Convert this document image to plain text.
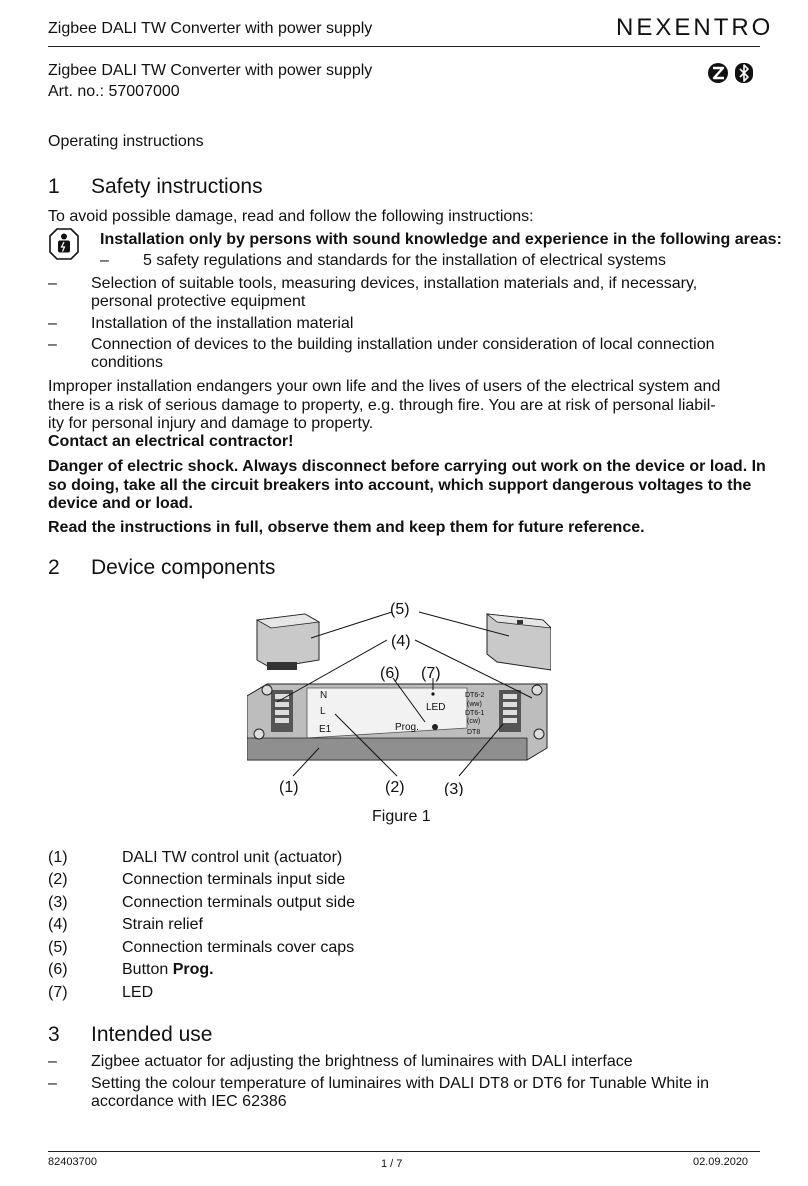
Zigbee DALI TW Converter with power supply	NEXENTRO
Zigbee DALI TW Converter with power supply
Art. no.: 57007000
Operating instructions
1 Safety instructions
To avoid possible damage, read and follow the following instructions:
Installation only by persons with sound knowledge and experience in the following areas:
– 5 safety regulations and standards for the installation of electrical systems
– Selection of suitable tools, measuring devices, installation materials and, if necessary,
personal protective equipment
– Installation of the installation material
– Connection of devices to the building installation under consideration of local connection
conditions
Improper installation endangers your own life and the lives of users of the electrical system and
there is a risk of serious damage to property, e.g. through fire. You are at risk of personal liabil-
ity for personal injury and damage to property.
Contact an electrical contractor!
Danger of electric shock. Always disconnect before carrying out work on the device or load. In
so doing, take all the circuit breakers into account, which support dangerous voltages to the
device and or load.
Read the instructions in full, observe them and keep them for future reference.
2 Device components
N
L
E1
LED
Prog.
DT6-2
(ww)
DT6-1
(cw)
DT8
(5)
(4)
(6) (7)
(1)	(2) (3)
Figure 1
(1)	DALI TW control unit (actuator)
(2)	Connection terminals input side
(3)	Connection terminals output side
(4)	Strain relief
(5)	Connection terminals cover caps
(6)	Button Prog.
(7)	LED
3 Intended use
– Zigbee actuator for adjusting the brightness of luminaires with DALI interface
– Setting the colour temperature of luminaires with DALI DT8 or DT6 for Tunable White in
accordance with IEC 62386
82403700	1 / 7	02.09.2020
